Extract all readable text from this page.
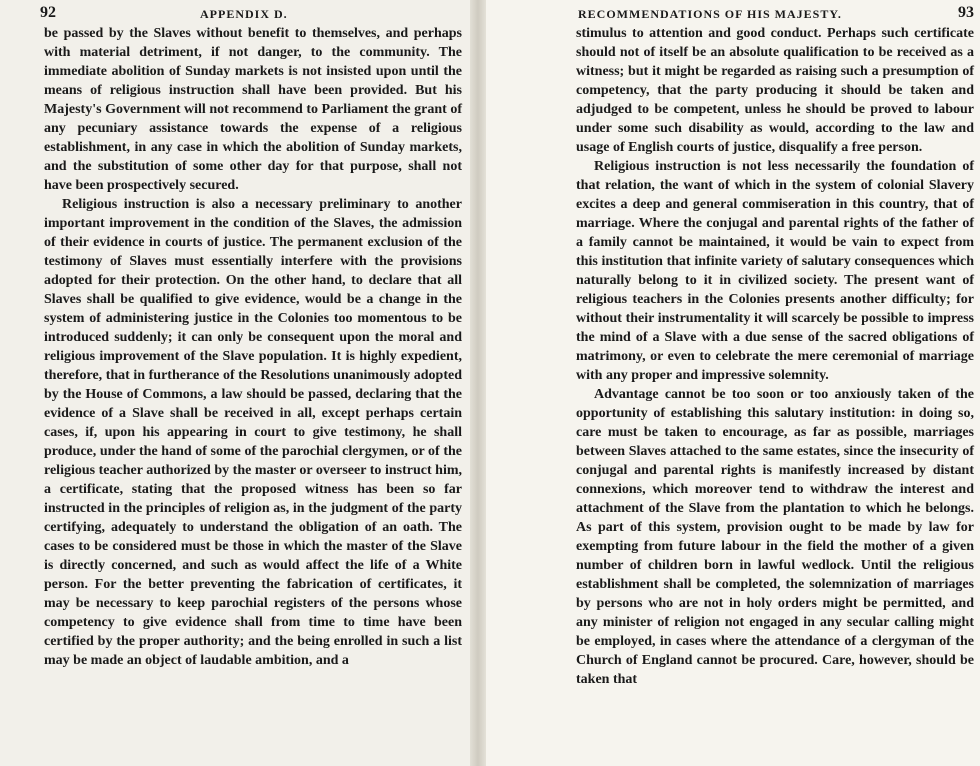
92	APPENDIX D.

be passed by the Slaves without benefit to themselves, and perhaps with material detriment, if not danger, to the community. The immediate abolition of Sunday markets is not insisted upon until the means of religious instruction shall have been provided. But his Majesty's Government will not recommend to Parliament the grant of any pecuniary assistance towards the expense of a religious establishment, in any case in which the abolition of Sunday markets, and the substitution of some other day for that purpose, shall not have been prospectively secured.

Religious instruction is also a necessary preliminary to another important improvement in the condition of the Slaves, the admission of their evidence in courts of justice. The permanent exclusion of the testimony of Slaves must essentially interfere with the provisions adopted for their protection. On the other hand, to declare that all Slaves shall be qualified to give evidence, would be a change in the system of administering justice in the Colonies too momentous to be introduced suddenly; it can only be consequent upon the moral and religious improvement of the Slave population. It is highly expedient, therefore, that in furtherance of the Resolutions unanimously adopted by the House of Commons, a law should be passed, declaring that the evidence of a Slave shall be received in all, except perhaps certain cases, if, upon his appearing in court to give testimony, he shall produce, under the hand of some of the parochial clergymen, or of the religious teacher authorized by the master or overseer to instruct him, a certificate, stating that the proposed witness has been so far instructed in the principles of religion as, in the judgment of the party certifying, adequately to understand the obligation of an oath. The cases to be considered must be those in which the master of the Slave is directly concerned, and such as would affect the life of a White person. For the better preventing the fabrication of certificates, it may be necessary to keep parochial registers of the persons whose competency to give evidence shall from time to time have been certified by the proper authority; and the being enrolled in such a list may be made an object of laudable ambition, and a

RECOMMENDATIONS OF HIS MAJESTY.	93

stimulus to attention and good conduct. Perhaps such certificate should not of itself be an absolute qualification to be received as a witness; but it might be regarded as raising such a presumption of competency, that the party producing it should be taken and adjudged to be competent, unless he should be proved to labour under some such disability as would, according to the law and usage of English courts of justice, disqualify a free person.

Religious instruction is not less necessarily the foundation of that relation, the want of which in the system of colonial Slavery excites a deep and general commiseration in this country, that of marriage. Where the conjugal and parental rights of the father of a family cannot be maintained, it would be vain to expect from this institution that infinite variety of salutary consequences which naturally belong to it in civilized society. The present want of religious teachers in the Colonies presents another difficulty; for without their instrumentality it will scarcely be possible to impress the mind of a Slave with a due sense of the sacred obligations of matrimony, or even to celebrate the mere ceremonial of marriage with any proper and impressive solemnity.

Advantage cannot be too soon or too anxiously taken of the opportunity of establishing this salutary institution: in doing so, care must be taken to encourage, as far as possible, marriages between Slaves attached to the same estates, since the insecurity of conjugal and parental rights is manifestly increased by distant connexions, which moreover tend to withdraw the interest and attachment of the Slave from the plantation to which he belongs. As part of this system, provision ought to be made by law for exempting from future labour in the field the mother of a given number of children born in lawful wedlock. Until the religious establishment shall be completed, the solemnization of marriages by persons who are not in holy orders might be permitted, and any minister of religion not engaged in any secular calling might be employed, in cases where the attendance of a clergyman of the Church of England cannot be procured. Care, however, should be taken that
